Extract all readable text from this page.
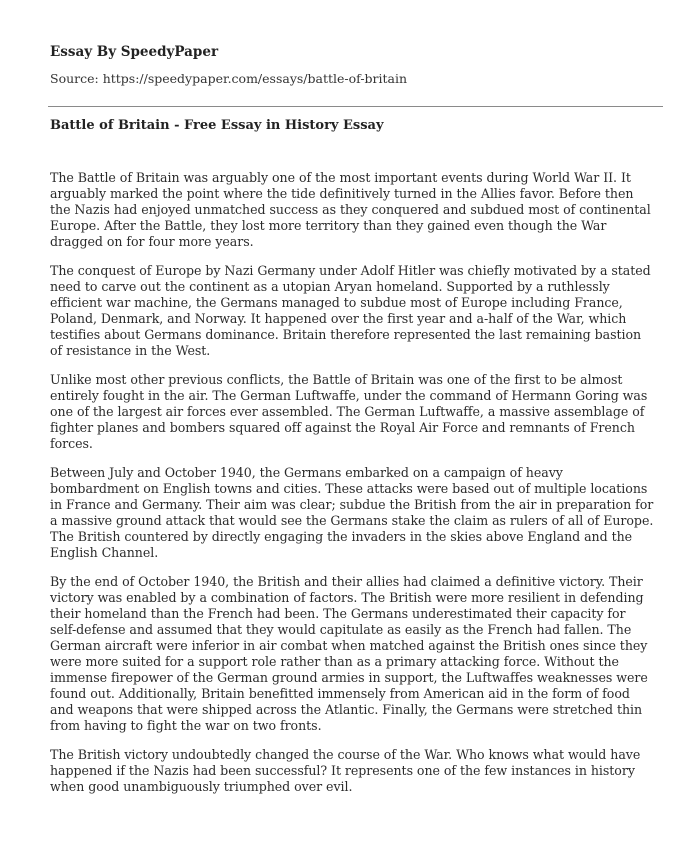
Essay By SpeedyPaper
Source: https://speedypaper.com/essays/battle-of-britain
Battle of Britain - Free Essay in History Essay

The Battle of Britain was arguably one of the most important events during World War II. It arguably marked the point where the tide definitively turned in the Allies favor. Before then the Nazis had enjoyed unmatched success as they conquered and subdued most of continental Europe. After the Battle, they lost more territory than they gained even though the War dragged on for four more years.

The conquest of Europe by Nazi Germany under Adolf Hitler was chiefly motivated by a stated need to carve out the continent as a utopian Aryan homeland. Supported by a ruthlessly efficient war machine, the Germans managed to subdue most of Europe including France, Poland, Denmark, and Norway. It happened over the first year and a-half of the War, which testifies about Germans dominance. Britain therefore represented the last remaining bastion of resistance in the West.

Unlike most other previous conflicts, the Battle of Britain was one of the first to be almost entirely fought in the air. The German Luftwaffe, under the command of Hermann Goring was one of the largest air forces ever assembled. The German Luftwaffe, a massive assemblage of fighter planes and bombers squared off against the Royal Air Force and remnants of French forces.

Between July and October 1940, the Germans embarked on a campaign of heavy bombardment on English towns and cities. These attacks were based out of multiple locations in France and Germany. Their aim was clear; subdue the British from the air in preparation for a massive ground attack that would see the Germans stake the claim as rulers of all of Europe. The British countered by directly engaging the invaders in the skies above England and the English Channel.

By the end of October 1940, the British and their allies had claimed a definitive victory. Their victory was enabled by a combination of factors. The British were more resilient in defending their homeland than the French had been. The Germans underestimated their capacity for self-defense and assumed that they would capitulate as easily as the French had fallen. The German aircraft were inferior in air combat when matched against the British ones since they were more suited for a support role rather than as a primary attacking force. Without the immense firepower of the German ground armies in support, the Luftwaffes weaknesses were found out. Additionally, Britain benefitted immensely from American aid in the form of food and weapons that were shipped across the Atlantic. Finally, the Germans were stretched thin from having to fight the war on two fronts.

The British victory undoubtedly changed the course of the War. Who knows what would have happened if the Nazis had been successful? It represents one of the few instances in history when good unambiguously triumphed over evil.
